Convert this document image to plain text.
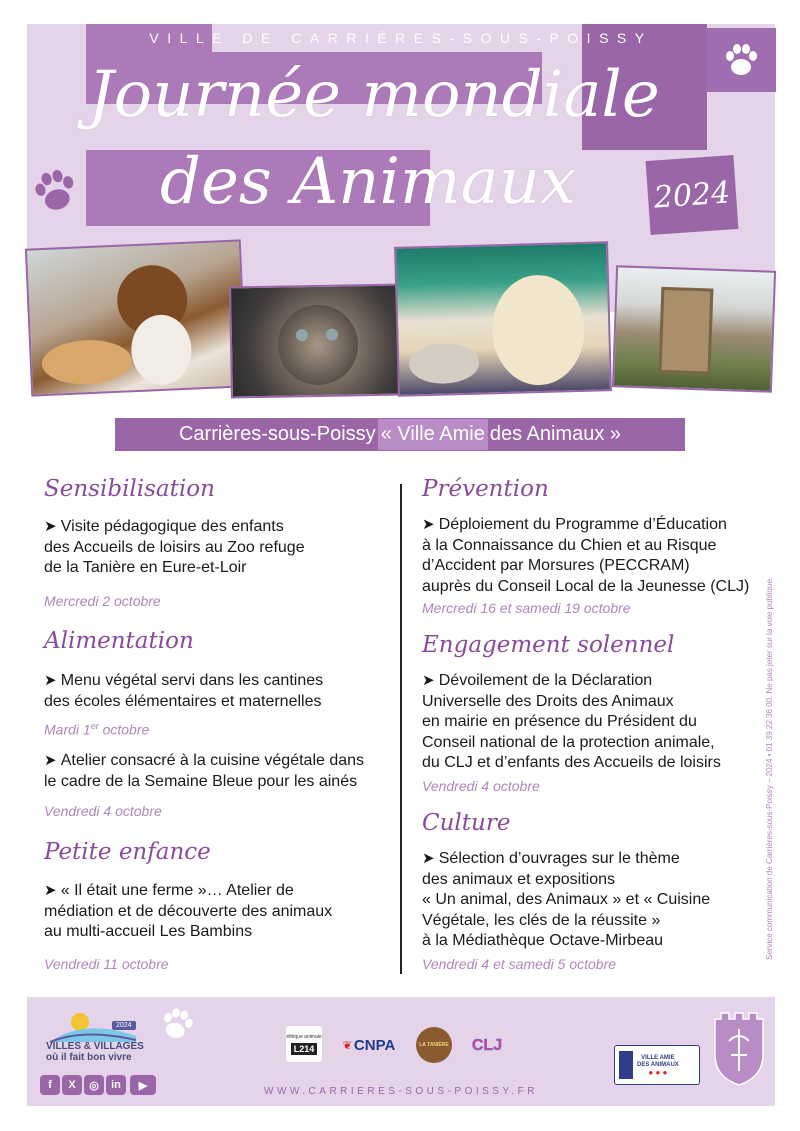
VILLE DE CARRIÈRES-SOUS-POISSY
Journée mondiale
des Animaux	2024
Carrières-sous-Poissy « Ville Amie des Animaux »
Sensibilisation
➤ Visite pédagogique des enfants
des Accueils de loisirs au Zoo refuge
de la Tanière en Eure-et-Loir
Mercredi 2 octobre
Alimentation
➤ Menu végétal servi dans les cantines
des écoles élémentaires et maternelles
Mardi 1er octobre
➤ Atelier consacré à la cuisine végétale dans
le cadre de la Semaine Bleue pour les ainés
Vendredi 4 octobre
Petite enfance
➤ « Il était une ferme »… Atelier de
médiation et de découverte des animaux
au multi-accueil Les Bambins
Vendredi 11 octobre
Prévention
➤ Déploiement du Programme d’Éducation
à la Connaissance du Chien et au Risque
d’Accident par Morsures (PECCRAM)
auprès du Conseil Local de la Jeunesse (CLJ)
Mercredi 16 et samedi 19 octobre
Engagement solennel
➤ Dévoilement de la Déclaration
Universelle des Droits des Animaux
en mairie en présence du Président du
Conseil national de la protection animale,
du CLJ et d’enfants des Accueils de loisirs
Vendredi 4 octobre
Culture
➤ Sélection d’ouvrages sur le thème
des animaux et expositions
« Un animal, des Animaux » et « Cuisine
Végétale, les clés de la réussite »
à la Médiathèque Octave-Mirbeau
Vendredi 4 et samedi 5 octobre
Service communication de Carrières-sous-Poissy – 2024 • 01 39 22 36 00. Ne pas jeter sur la voie publique.
2024
VILLES & VILLAGES
où il fait bon vivre
f	X	◎	in	▶
éthique animale
L214	❦ CNPA	LA TANIÈRE CLJ
VILLE AMIE
DES ANIMAUX
● ● ●
WWW.CARRIERES-SOUS-POISSY.FR
